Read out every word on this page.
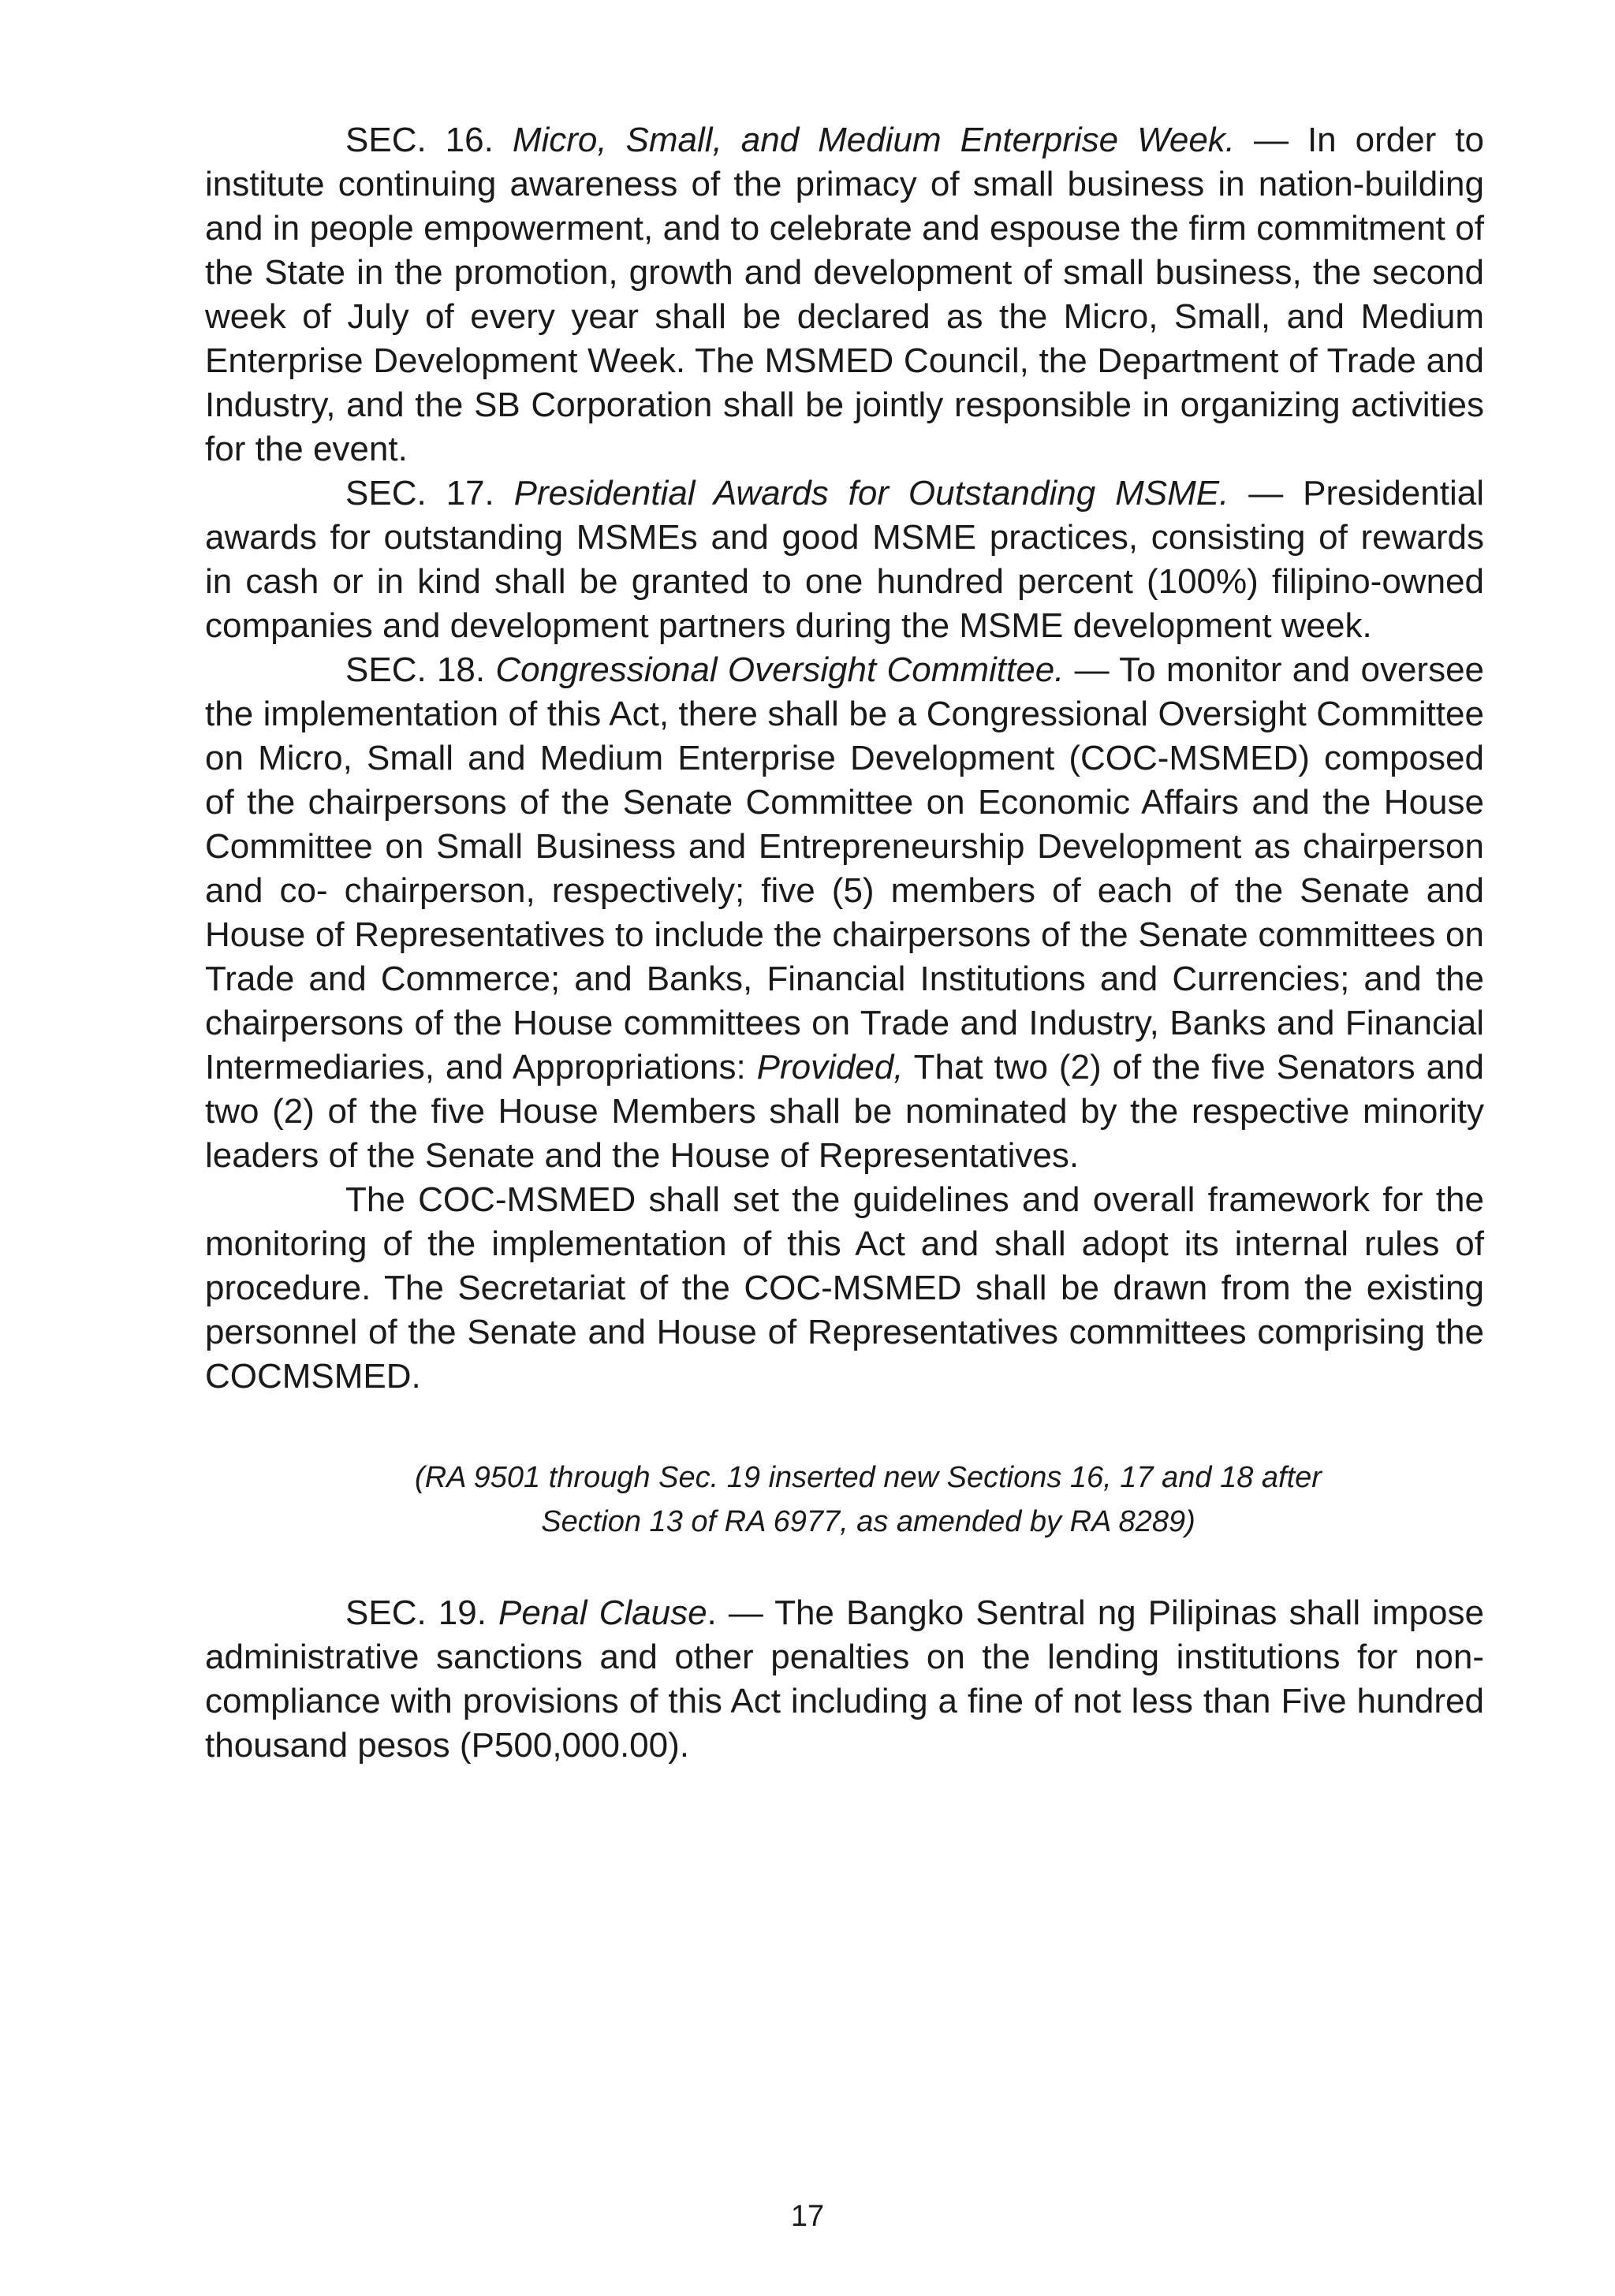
SEC. 16. Micro, Small, and Medium Enterprise Week. — In order to institute continuing awareness of the primacy of small business in nation-building and in people empowerment, and to celebrate and espouse the firm commitment of the State in the promotion, growth and development of small business, the second week of July of every year shall be declared as the Micro, Small, and Medium Enterprise Development Week. The MSMED Council, the Department of Trade and Industry, and the SB Corporation shall be jointly responsible in organizing activities for the event.

SEC. 17. Presidential Awards for Outstanding MSME. — Presidential awards for outstanding MSMEs and good MSME practices, consisting of rewards in cash or in kind shall be granted to one hundred percent (100%) filipino-owned companies and development partners during the MSME development week.

SEC. 18. Congressional Oversight Committee. — To monitor and oversee the implementation of this Act, there shall be a Congressional Oversight Committee on Micro, Small and Medium Enterprise Development (COC-MSMED) composed of the chairpersons of the Senate Committee on Economic Affairs and the House Committee on Small Business and Entrepreneurship Development as chairperson and co- chairperson, respectively; five (5) members of each of the Senate and House of Representatives to include the chairpersons of the Senate committees on Trade and Commerce; and Banks, Financial Institutions and Currencies; and the chairpersons of the House committees on Trade and Industry, Banks and Financial Intermediaries, and Appropriations: Provided, That two (2) of the five Senators and two (2) of the five House Members shall be nominated by the respective minority leaders of the Senate and the House of Representatives.

The COC-MSMED shall set the guidelines and overall framework for the monitoring of the implementation of this Act and shall adopt its internal rules of procedure. The Secretariat of the COC-MSMED shall be drawn from the existing personnel of the Senate and House of Representatives committees comprising the COCMSMED.

(RA 9501 through Sec. 19 inserted new Sections 16, 17 and 18 after
Section 13 of RA 6977, as amended by RA 8289)

SEC. 19. Penal Clause. — The Bangko Sentral ng Pilipinas shall impose administrative sanctions and other penalties on the lending institutions for non-compliance with provisions of this Act including a fine of not less than Five hundred thousand pesos (P500,000.00).

17
